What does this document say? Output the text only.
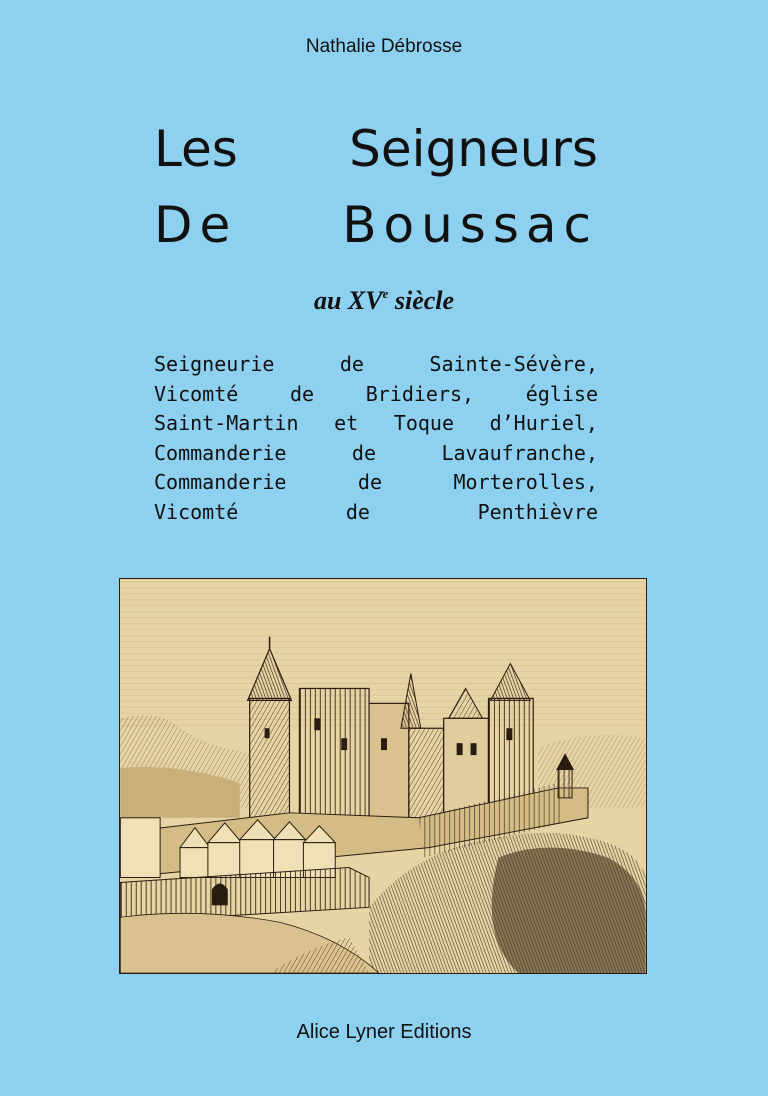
Nathalie Débrosse
Les Seigneurs
De Boussac
au XVe siècle
Seigneurie	de	Sainte-Sévère,
Vicomté	de	Bridiers,	église
Saint-Martin et Toque d’Huriel,
Commanderie	de	Lavaufranche,
Commanderie	de	Morterolles,
Vicomté	de	Penthièvre
Alice Lyner Editions
